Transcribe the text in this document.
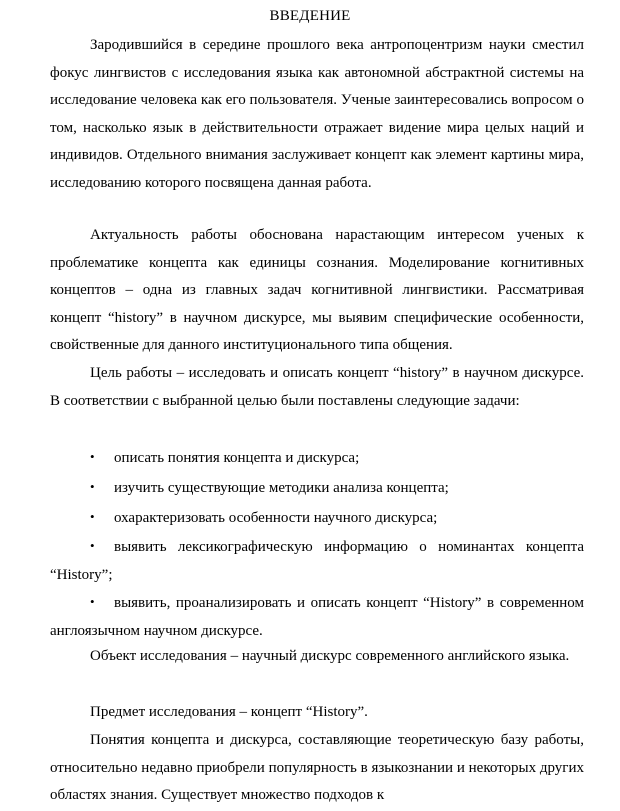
ВВЕДЕНИЕ

Зародившийся в середине прошлого века антропоцентризм науки сместил фокус лингвистов с исследования языка как автономной абстрактной системы на исследование человека как его пользователя. Ученые заинтересовались вопросом о том, насколько язык в действительности отражает видение мира целых наций и индивидов. Отдельного внимания заслуживает концепт как элемент картины мира, исследованию которого посвящена данная работа.

Актуальность работы обоснована нарастающим интересом ученых к проблематике концепта как единицы сознания. Моделирование когнитивных концептов – одна из главных задач когнитивной лингвистики. Рассматривая концепт “history” в научном дискурсе, мы выявим специфические особенности, свойственные для данного институционального типа общения.

Цель работы – исследовать и описать концепт “history” в научном дискурсе. В соответствии с выбранной целью были поставлены следующие задачи:

• описать понятия концепта и дискурса;

• изучить существующие методики анализа концепта;

• охарактеризовать особенности научного дискурса;

• выявить лексикографическую информацию о номинантах концепта “History”;

• выявить, проанализировать и описать концепт “History” в современном англоязычном научном дискурсе.

Объект исследования – научный дискурс современного английского языка.

Предмет исследования – концепт “History”.

Понятия концепта и дискурса, составляющие теоретическую базу работы, относительно недавно приобрели популярность в языкознании и некоторых других областях знания. Существует множество подходов к
